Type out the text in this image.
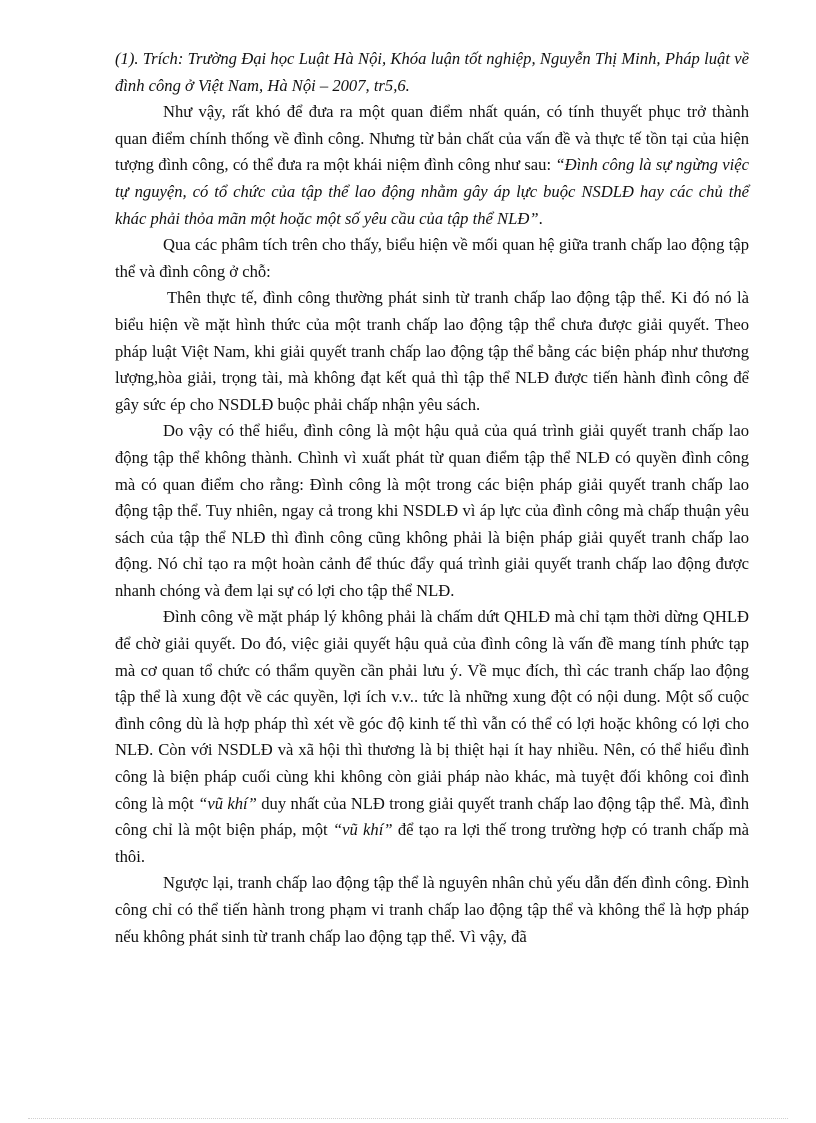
(1). Trích: Trường Đại học Luật Hà Nội, Khóa luận tốt nghiệp, Nguyễn Thị Minh, Pháp luật về đình công ở Việt Nam, Hà Nội – 2007, tr5,6.

Như vậy, rất khó để đưa ra một quan điểm nhất quán, có tính thuyết phục trở thành quan điểm chính thống về đình công. Nhưng từ bản chất của vấn đề và thực tế tồn tại của hiện tượng đình công, có thể đưa ra một khái niệm đình công như sau: “Đình công là sự ngừng việc tự nguyện, có tổ chức của tập thể lao động nhằm gây áp lực buộc NSDLĐ hay các chủ thể khác phải thỏa mãn một hoặc một số yêu cầu của tập thể NLĐ”.

Qua các phâm tích trên cho thấy, biểu hiện về mối quan hệ giữa tranh chấp lao động tập thể và đình công ở chỗ:

Thên thực tế, đình công thường phát sinh từ tranh chấp lao động tập thể. Ki đó nó là biểu hiện về mặt hình thức của một tranh chấp lao động tập thể chưa được giải quyết. Theo pháp luật Việt Nam, khi giải quyết tranh chấp lao động tập thể bằng các biện pháp như thương lượng,hòa giải, trọng tài, mà không đạt kết quả thì tập thể NLĐ được tiến hành đình công để gây sức ép cho NSDLĐ buộc phải chấp nhận yêu sách.

Do vậy có thể hiểu, đình công là một hậu quả của quá trình giải quyết tranh chấp lao động tập thể không thành. Chình vì xuất phát từ quan điểm tập thể NLĐ có quyền đình công mà có quan điểm cho rằng: Đình công là một trong các biện pháp giải quyết tranh chấp lao động tập thể. Tuy nhiên, ngay cả trong khi NSDLĐ vì áp lực của đình công mà chấp thuận yêu sách của tập thể NLĐ thì đình công cũng không phải là biện pháp giải quyết tranh chấp lao động. Nó chỉ tạo ra một hoàn cảnh để thúc đẩy quá trình giải quyết tranh chấp lao động được nhanh chóng và đem lại sự có lợi cho tập thể NLĐ.

Đình công về mặt pháp lý không phải là chấm dứt QHLĐ mà chỉ tạm thời dừng QHLĐ để chờ giải quyết. Do đó, việc giải quyết hậu quả của đình công là vấn đề mang tính phức tạp mà cơ quan tổ chức có thẩm quyền cần phải lưu ý. Về mục đích, thì các tranh chấp lao động tập thể là xung đột về các quyền, lợi ích v.v.. tức là những xung đột có nội dung. Một số cuộc đình công dù là hợp pháp thì xét về góc độ kinh tế thì vẫn có thể có lợi hoặc không có lợi cho NLĐ. Còn với NSDLĐ và xã hội thì thương là bị thiệt hại ít hay nhiều. Nên, có thể hiểu đình công là biện pháp cuối cùng khi không còn giải pháp nào khác, mà tuyệt đối không coi đình công là một “vũ khí” duy nhất của NLĐ trong giải quyết tranh chấp lao động tập thể. Mà, đình công chỉ là một biện pháp, một “vũ khí” để tạo ra lợi thế trong trường hợp có tranh chấp mà thôi.

Ngược lại, tranh chấp lao động tập thể là nguyên nhân chủ yếu dẫn đến đình công. Đình công chỉ có thể tiến hành trong phạm vi tranh chấp lao động tập thể và không thể là hợp pháp nếu không phát sinh từ tranh chấp lao động tạp thể. Vì vậy, đã
